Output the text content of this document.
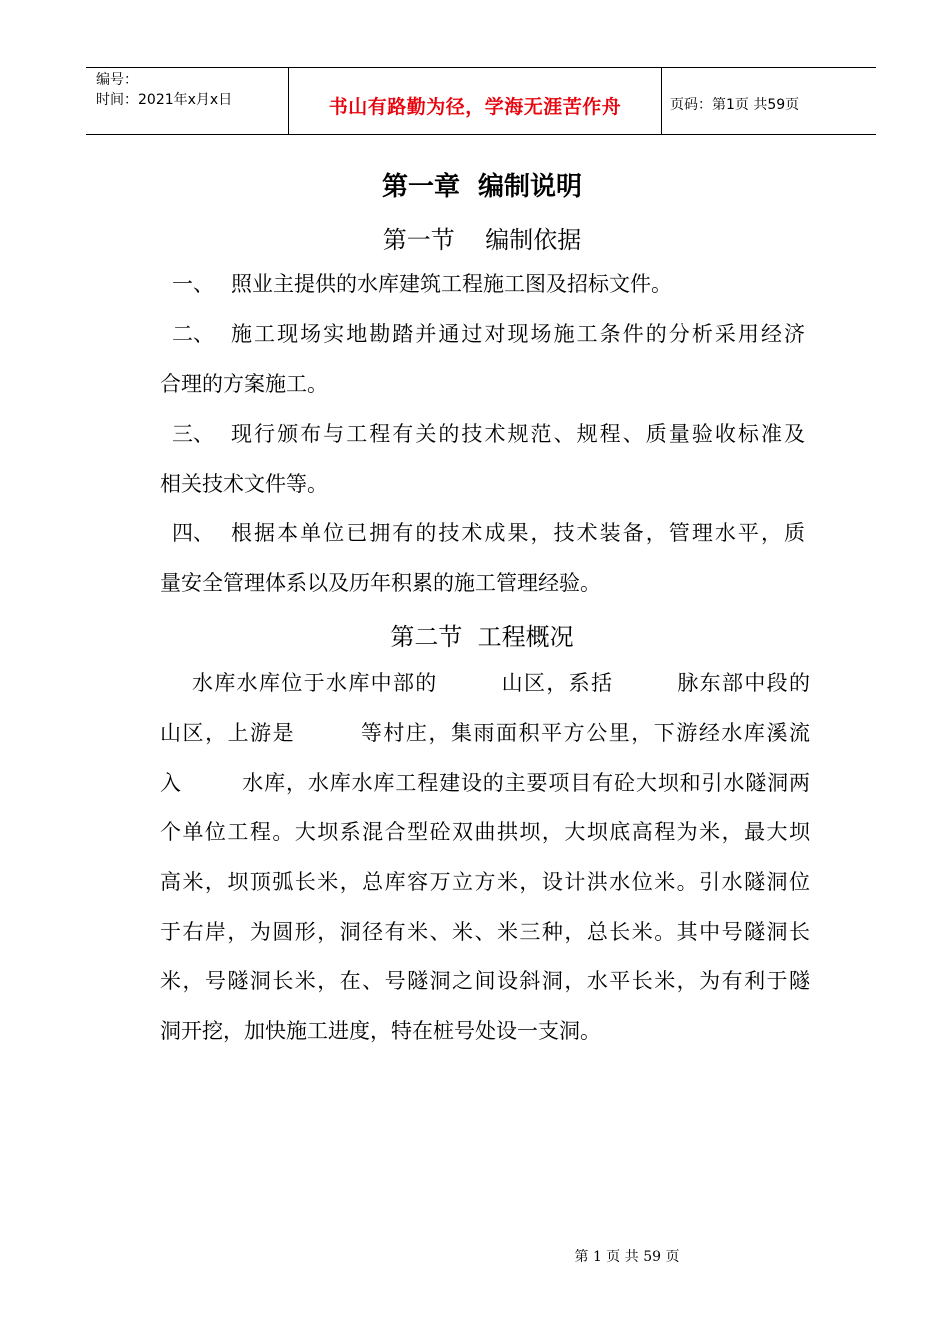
编号：
时间：2021年x月x日	书山有路勤为径，学海无涯苦作舟	页码：第1页 共59页
第一章  编制说明
第一节    编制依据
一、 照业主提供的水库建筑工程施工图及招标文件。
二、 施工现场实地勘踏并通过对现场施工条件的分析采用经济
合理的方案施工。
三、 现行颁布与工程有关的技术规范、规程、质量验收标准及
相关技术文件等。
四、 根据本单位已拥有的技术成果，技术装备，管理水平，质
量安全管理体系以及历年积累的施工管理经验。
第二节  工程概况
水库水库位于水库中部的        山区，系括        脉东部中段的
山区，上游是        等村庄，集雨面积平方公里，下游经水库溪流
入        水库，水库水库工程建设的主要项目有砼大坝和引水隧洞两
个单位工程。大坝系混合型砼双曲拱坝，大坝底高程为米，最大坝
高米，坝顶弧长米，总库容万立方米，设计洪水位米。引水隧洞位
于右岸，为圆形，洞径有米、米、米三种，总长米。其中号隧洞长
米，号隧洞长米，在、号隧洞之间设斜洞，水平长米，为有利于隧
洞开挖，加快施工进度，特在桩号处设一支洞。
第 1 页 共 59 页
